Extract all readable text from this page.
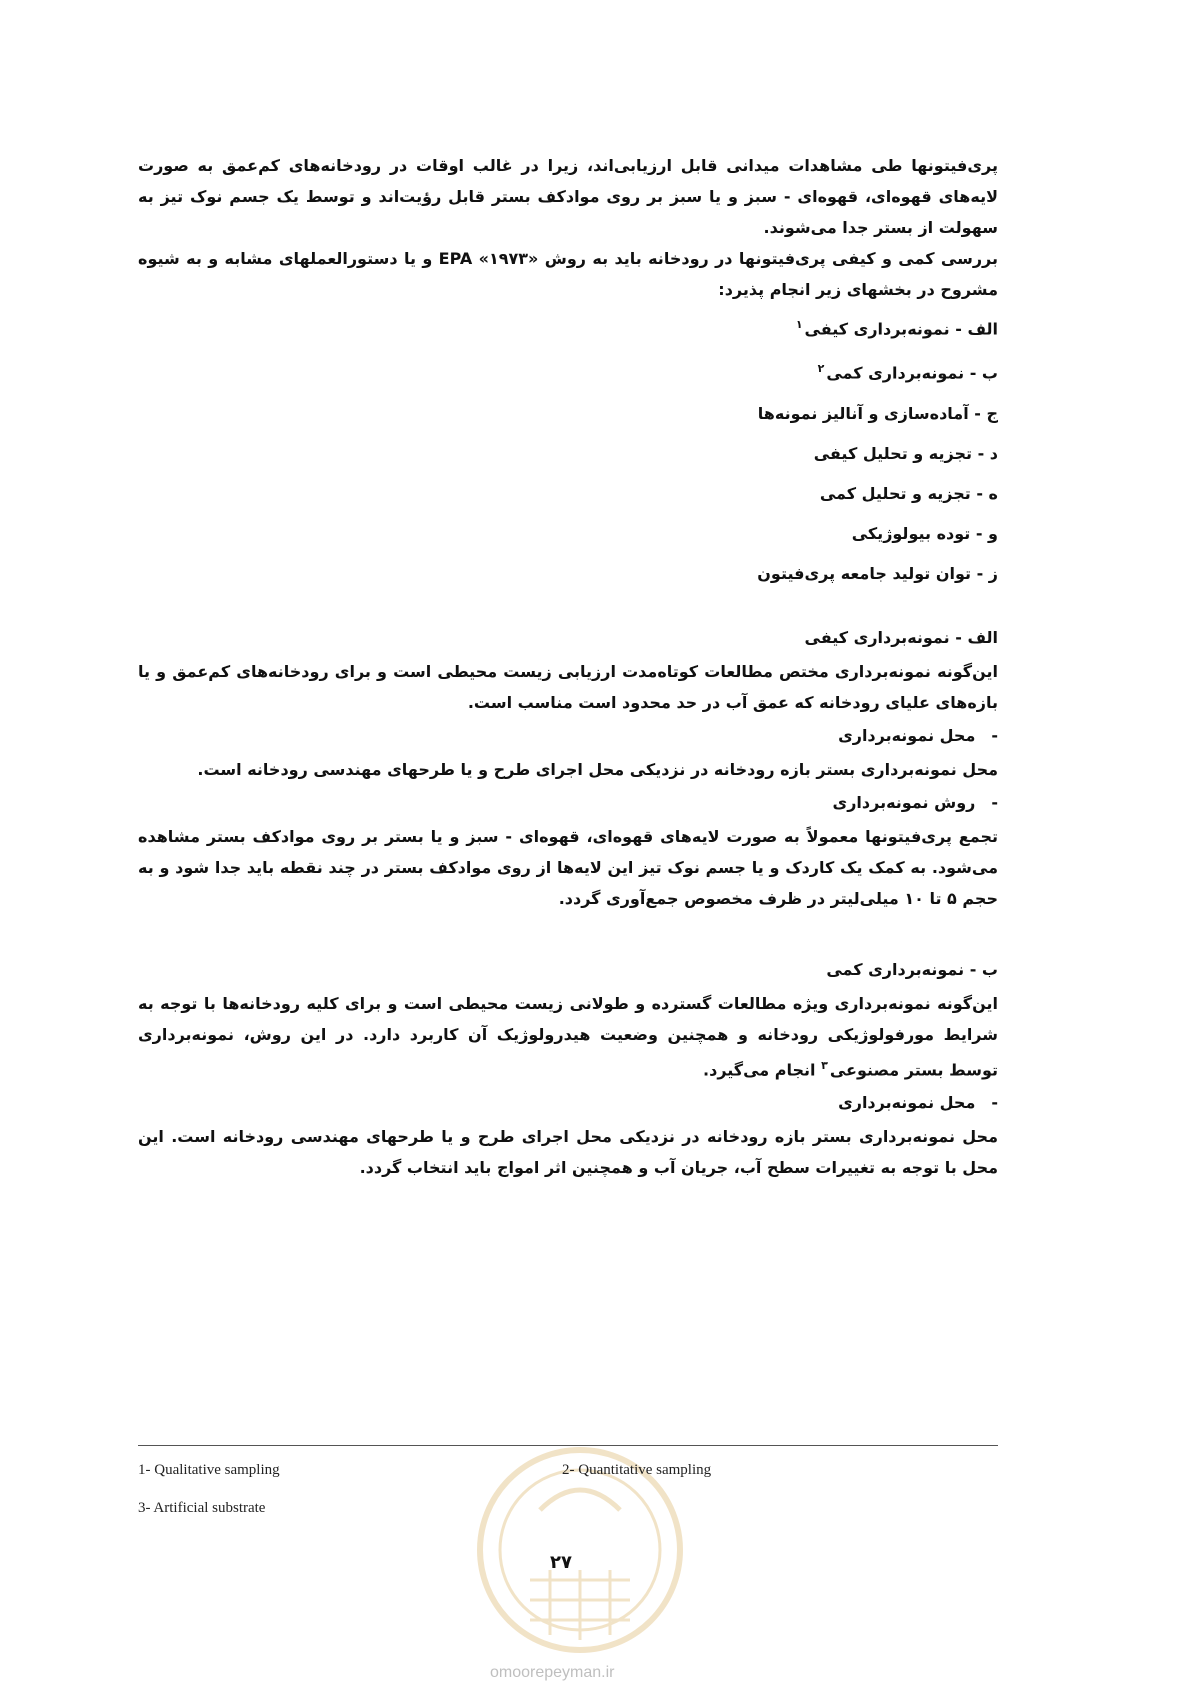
پری‌فیتونها طی مشاهدات میدانی قابل ارزیابی‌اند، زیرا در غالب اوقات در رودخانه‌های کم‌عمق به صورت لایه‌های قهوه‌ای، قهوه‌ای - سبز و یا سبز بر روی موادکف بستر قابل رؤیت‌اند و توسط یک جسم نوک تیز به سهولت از بستر جدا می‌شوند.

بررسی کمی و کیفی پری‌فیتونها در رودخانه باید به روش «EPA «۱۹۷۳ و یا دستورالعملهای مشابه و به شیوه مشروح در بخشهای زیر انجام پذیرد:

الف - نمونه‌برداری کیفی$^۱$
ب - نمونه‌برداری کمی$^۲$
ج - آماده‌سازی و آنالیز نمونه‌ها
د - تجزیه و تحلیل کیفی
ه - تجزیه و تحلیل کمی
و - توده بیولوژیکی
ز - توان تولید جامعه پری‌فیتون

الف - نمونه‌برداری کیفی

این‌گونه نمونه‌برداری مختص مطالعات کوتاه‌مدت ارزیابی زیست محیطی است و برای رودخانه‌های کم‌عمق و یا بازه‌های علیای رودخانه که عمق آب در حد محدود است مناسب است.

-محل نمونه‌برداری

محل نمونه‌برداری بستر بازه رودخانه در نزدیکی محل اجرای طرح و یا طرحهای مهندسی رودخانه است.

-روش نمونه‌برداری

تجمع پری‌فیتونها معمولاً به صورت لایه‌های قهوه‌ای، قهوه‌ای - سبز و یا بستر بر روی موادکف بستر مشاهده می‌شود. به کمک یک کاردک و یا جسم نوک تیز این لایه‌ها از روی موادکف بستر در چند نقطه باید جدا شود و به حجم ۵ تا ۱۰ میلی‌لیتر در ظرف مخصوص جمع‌آوری گردد.

ب - نمونه‌برداری کمی

این‌گونه نمونه‌برداری ویژه مطالعات گسترده و طولانی زیست محیطی است و برای کلیه رودخانه‌ها با توجه به شرایط مورفولوژیکی رودخانه و همچنین وضعیت هیدرولوژیک آن کاربرد دارد. در این روش، نمونه‌برداری توسط بستر مصنوعی$^۳$ انجام می‌گیرد.

-محل نمونه‌برداری

محل نمونه‌برداری بستر بازه رودخانه در نزدیکی محل اجرای طرح و یا طرحهای مهندسی رودخانه است. این محل با توجه به تغییرات سطح آب، جریان آب و همچنین اثر امواج باید انتخاب گردد.

1- Qualitative sampling	2- Quantitative sampling
3- Artificial substrate
۲۷
omoorepeyman.ir
